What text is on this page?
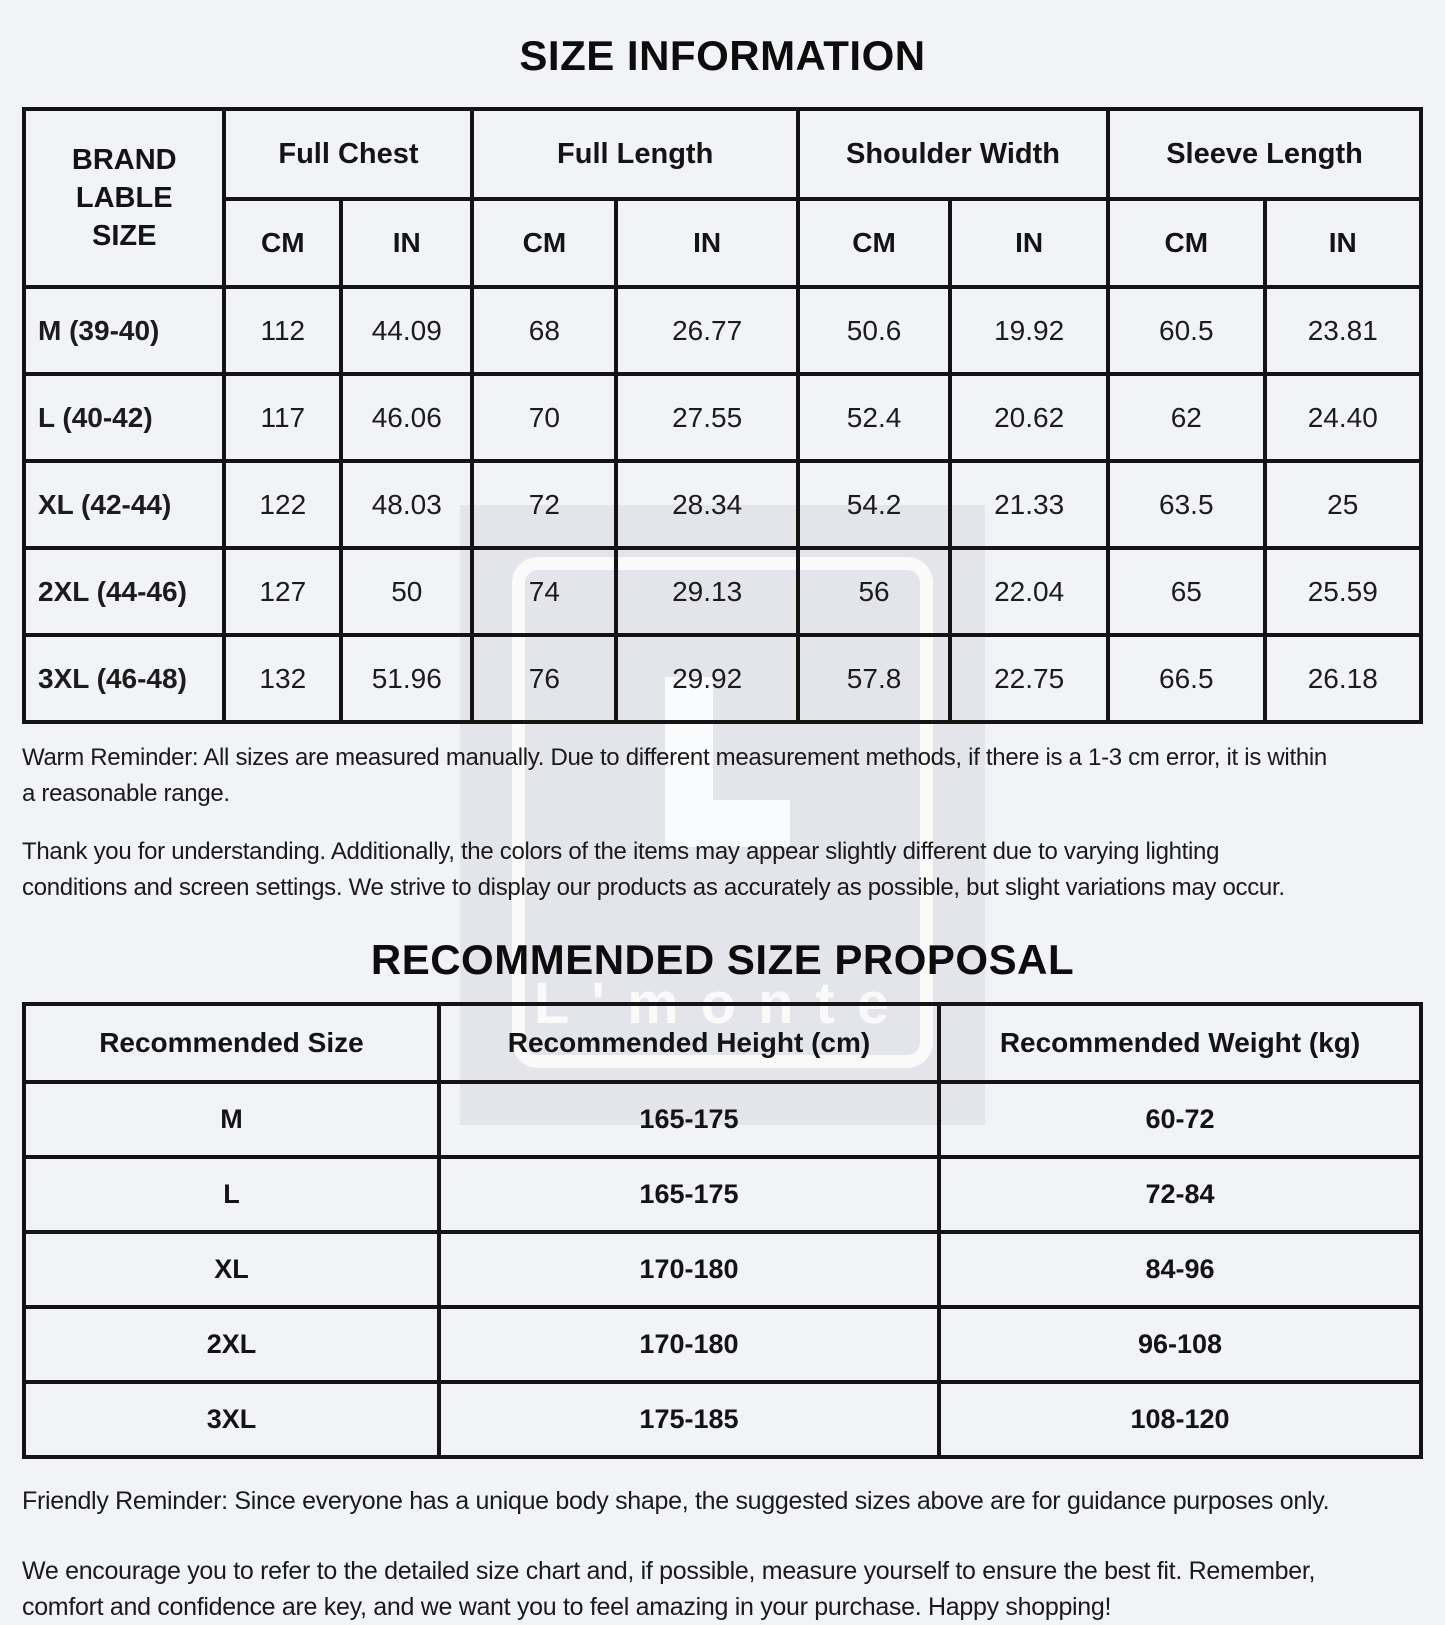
L'monte
SIZE INFORMATION
BRAND LABLE SIZE	Full Chest		Full Length		Shoulder Width		Sleeve Length	
	CM	IN	CM	IN	CM	IN	CM	IN
M (39-40)	112	44.09	68	26.77	50.6	19.92	60.5	23.81
L (40-42)	117	46.06	70	27.55	52.4	20.62	62	24.40
XL (42-44)	122	48.03	72	28.34	54.2	21.33	63.5	25
2XL (44-46)	127	50	74	29.13	56	22.04	65	25.59
3XL (46-48)	132	51.96	76	29.92	57.8	22.75	66.5	26.18

Warm Reminder: All sizes are measured manually. Due to different measurement methods, if there is a 1-3 cm error, it is within
a reasonable range.

Thank you for understanding. Additionally, the colors of the items may appear slightly different due to varying lighting
conditions and screen settings. We strive to display our products as accurately as possible, but slight variations may occur.

RECOMMENDED SIZE PROPOSAL
Recommended Size	Recommended Height (cm)	Recommended Weight (kg)
M	165-175	60-72
L	165-175	72-84
XL	170-180	84-96
2XL	170-180	96-108
3XL	175-185	108-120

Friendly Reminder: Since everyone has a unique body shape, the suggested sizes above are for guidance purposes only.

We encourage you to refer to the detailed size chart and, if possible, measure yourself to ensure the best fit. Remember,
comfort and confidence are key, and we want you to feel amazing in your purchase. Happy shopping!
